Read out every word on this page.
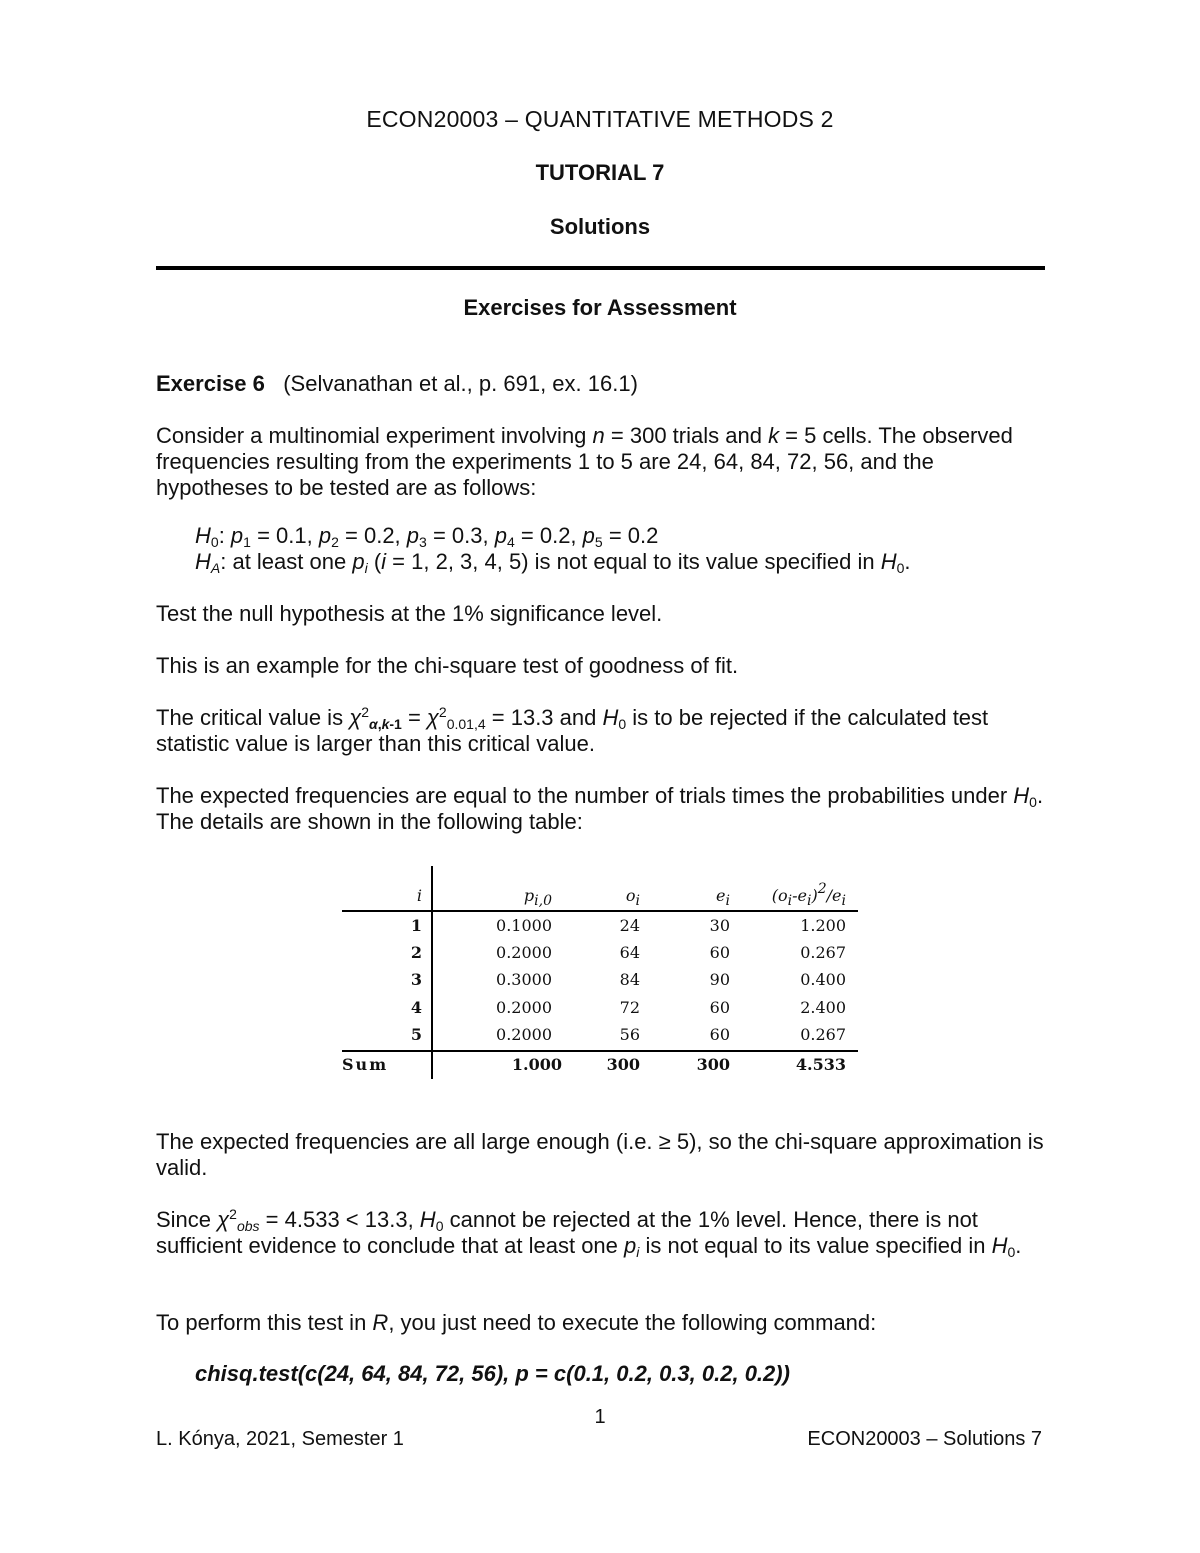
ECON20003 – QUANTITATIVE METHODS 2
TUTORIAL 7
Solutions
Exercises for Assessment
Exercise 6 (Selvanathan et al., p. 691, ex. 16.1)
Consider a multinomial experiment involving n = 300 trials and k = 5 cells. The observed frequencies resulting from the experiments 1 to 5 are 24, 64, 84, 72, 56, and the hypotheses to be tested are as follows:
$H_0$: $p_1 = 0.1$, $p_2 = 0.2$, $p_3 = 0.3$, $p_4 = 0.2$, $p_5 = 0.2$
$H_A$: at least one $p_i$ (i = 1, 2, 3, 4, 5) is not equal to its value specified in $H_0$.
Test the null hypothesis at the 1% significance level.
This is an example for the chi-square test of goodness of fit.
The critical value is $\chi^2_{\alpha,k-1} = \chi^2_{0.01,4} = 13.3$ and $H_0$ is to be rejected if the calculated test statistic value is larger than this critical value.
The expected frequencies are equal to the number of trials times the probabilities under $H_0$. The details are shown in the following table:
i	$p_{i,0}$	$o_i$	$e_i$	$(o_i-e_i)^2/e_i$
1	0.1000	24	30	1.200
2	0.2000	64	60	0.267
3	0.3000	84	90	0.400
4	0.2000	72	60	2.400
5	0.2000	56	60	0.267
Sum	1.000	300	300	4.533
The expected frequencies are all large enough (i.e. ≥ 5), so the chi-square approximation is valid.
Since $\chi^2_{obs} = 4.533 < 13.3$, $H_0$ cannot be rejected at the 1% level. Hence, there is not sufficient evidence to conclude that at least one $p_i$ is not equal to its value specified in $H_0$.
To perform this test in R, you just need to execute the following command:
chisq.test(c(24, 64, 84, 72, 56), p = c(0.1, 0.2, 0.3, 0.2, 0.2))
1
L. Kónya, 2021, Semester 1	ECON20003 – Solutions 7
